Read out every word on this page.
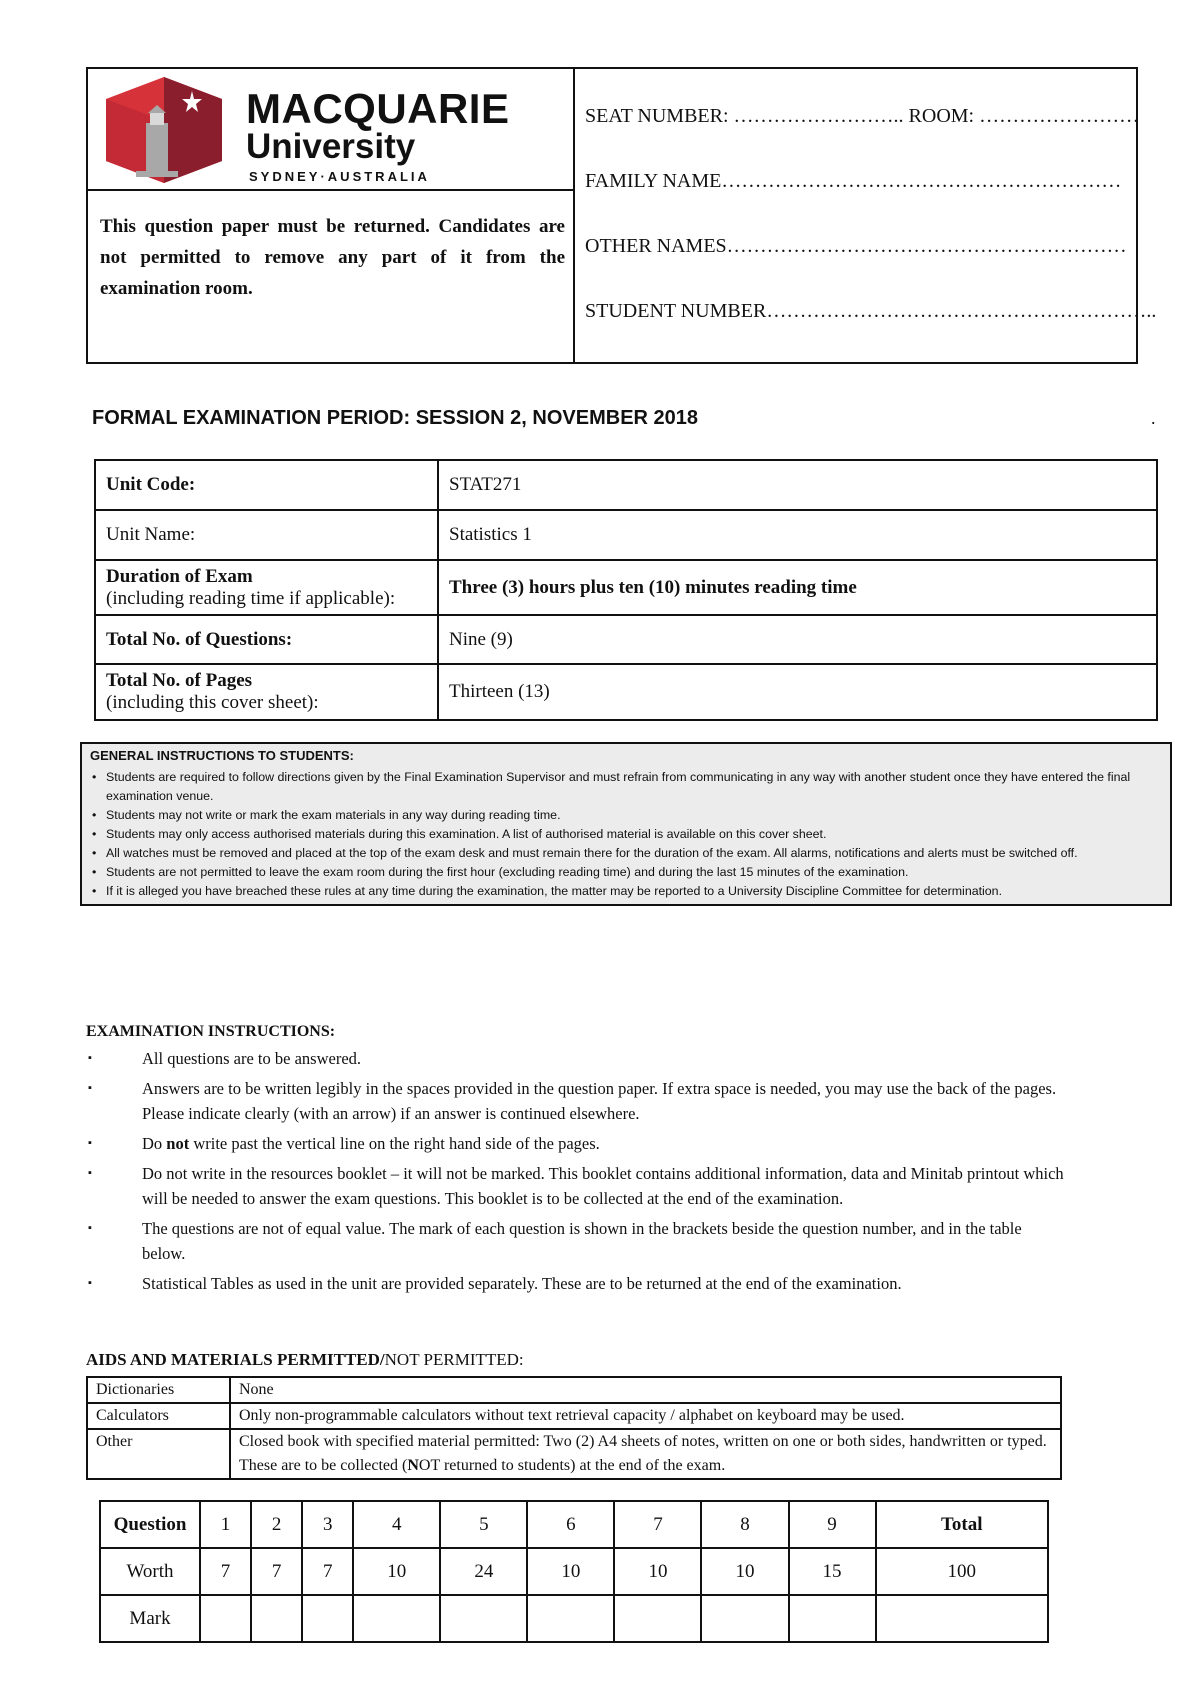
MACQUARIE
University
SYDNEY·AUSTRALIA
This question paper must be returned. Candidates are not permitted to remove any part of it from the examination room.
SEAT NUMBER: …………………….. ROOM: ……………………
FAMILY NAME……………………………………………………
OTHER NAMES……………………………………………………
STUDENT NUMBER…………………………………………………..
FORMAL EXAMINATION PERIOD: SESSION 2, NOVEMBER 2018	.
Unit Code:	STAT271
Unit Name:	Statistics 1

Duration of Exam
(including reading time if applicable):	Three (3) hours plus ten (10) minutes reading time
Total No. of Questions:	Nine (9)

Total No. of Pages
(including this cover sheet):	Thirteen (13)
GENERAL INSTRUCTIONS TO STUDENTS:
• Students are required to follow directions given by the Final Examination Supervisor and must refrain from communicating in any way with another student once they have entered the final examination venue.
• Students may not write or mark the exam materials in any way during reading time.
• Students may only access authorised materials during this examination. A list of authorised material is available on this cover sheet.
• All watches must be removed and placed at the top of the exam desk and must remain there for the duration of the exam. All alarms, notifications and alerts must be switched off.
• Students are not permitted to leave the exam room during the first hour (excluding reading time) and during the last 15 minutes of the examination.
• If it is alleged you have breached these rules at any time during the examination, the matter may be reported to a University Discipline Committee for determination.
EXAMINATION INSTRUCTIONS:
▪ All questions are to be answered.
▪ Answers are to be written legibly in the spaces provided in the question paper. If extra space is needed, you may use the back of the pages. Please indicate clearly (with an arrow) if an answer is continued elsewhere.
▪ Do not write past the vertical line on the right hand side of the pages.
▪ Do not write in the resources booklet – it will not be marked. This booklet contains additional information, data and Minitab printout which will be needed to answer the exam questions. This booklet is to be collected at the end of the examination.
▪ The questions are not of equal value. The mark of each question is shown in the brackets beside the question number, and in the table below.
▪ Statistical Tables as used in the unit are provided separately. These are to be returned at the end of the examination.
AIDS AND MATERIALS PERMITTED/NOT PERMITTED:
Dictionaries	None
Calculators	Only non-programmable calculators without text retrieval capacity / alphabet on keyboard may be used.
Other	Closed book with specified material permitted: Two (2) A4 sheets of notes, written on one or both sides, handwritten or typed. These are to be collected (NOT returned to students) at the end of the exam.
Question	1	2	3	4	5	6	7	8	9	Total
Worth	7	7	7	10	24	10	10	10	15	100
Mark										
